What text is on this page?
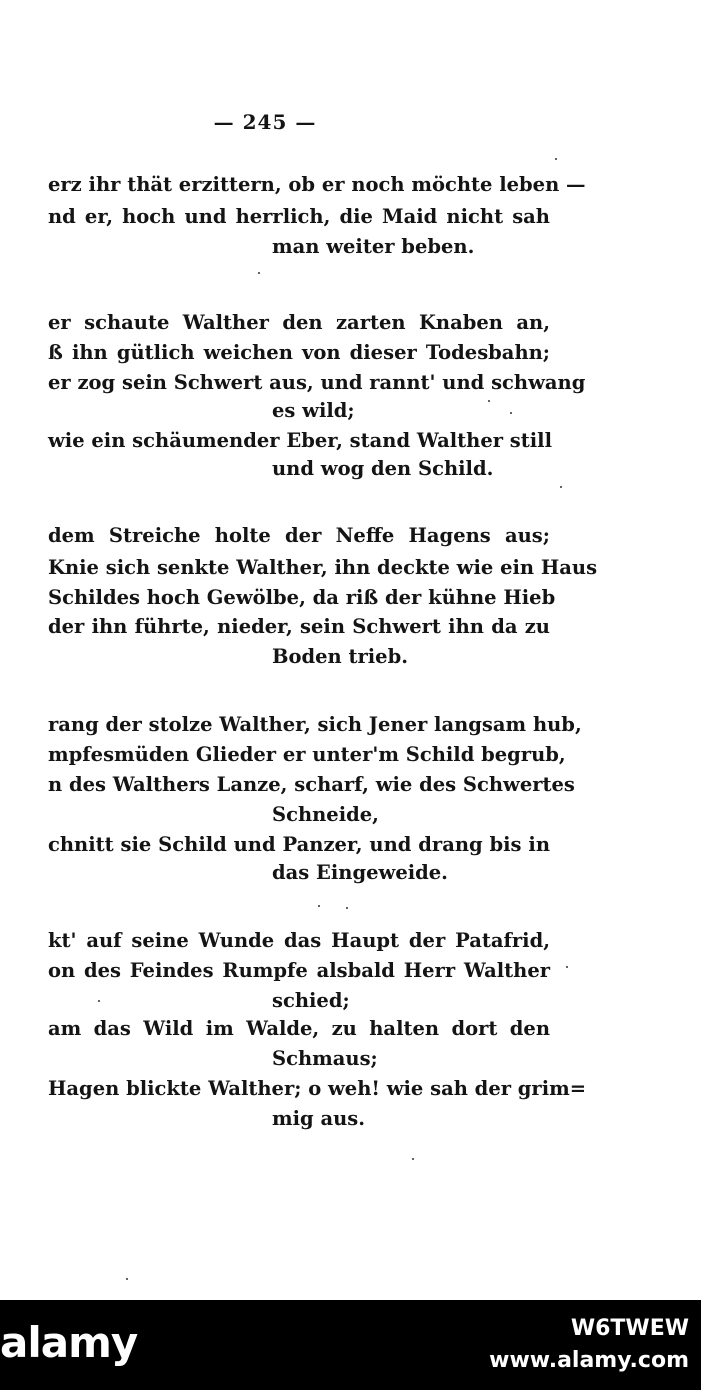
— 245 —
erz ihr thät erzittern, ob er noch möchte leben —
nd er, hoch und herrlich, die Maid nicht sah
man weiter beben.
er schaute Walther den zarten Knaben an,
ß ihn gütlich weichen von dieser Todesbahn;
er zog sein Schwert aus, und rannt' und schwang
es wild;
wie ein schäumender Eber, stand Walther still
und wog den Schild.
dem Streiche holte der Neffe Hagens aus;
Knie sich senkte Walther, ihn deckte wie ein Haus
Schildes hoch Gewölbe, da riß der kühne Hieb
der ihn führte, nieder, sein Schwert ihn da zu
Boden trieb.
rang der stolze Walther, sich Jener langsam hub,
mpfesmüden Glieder er unter'm Schild begrub,
n des Walthers Lanze, scharf, wie des Schwertes
Schneide,
chnitt sie Schild und Panzer, und drang bis in
das Eingeweide.
kt' auf seine Wunde das Haupt der Patafrid,
on des Feindes Rumpfe alsbald Herr Walther
schied;
am das Wild im Walde, zu halten dort den
Schmaus;
Hagen blickte Walther; o weh! wie sah der grim=
mig aus.
alamy	W6TWEW
www.alamy.com
